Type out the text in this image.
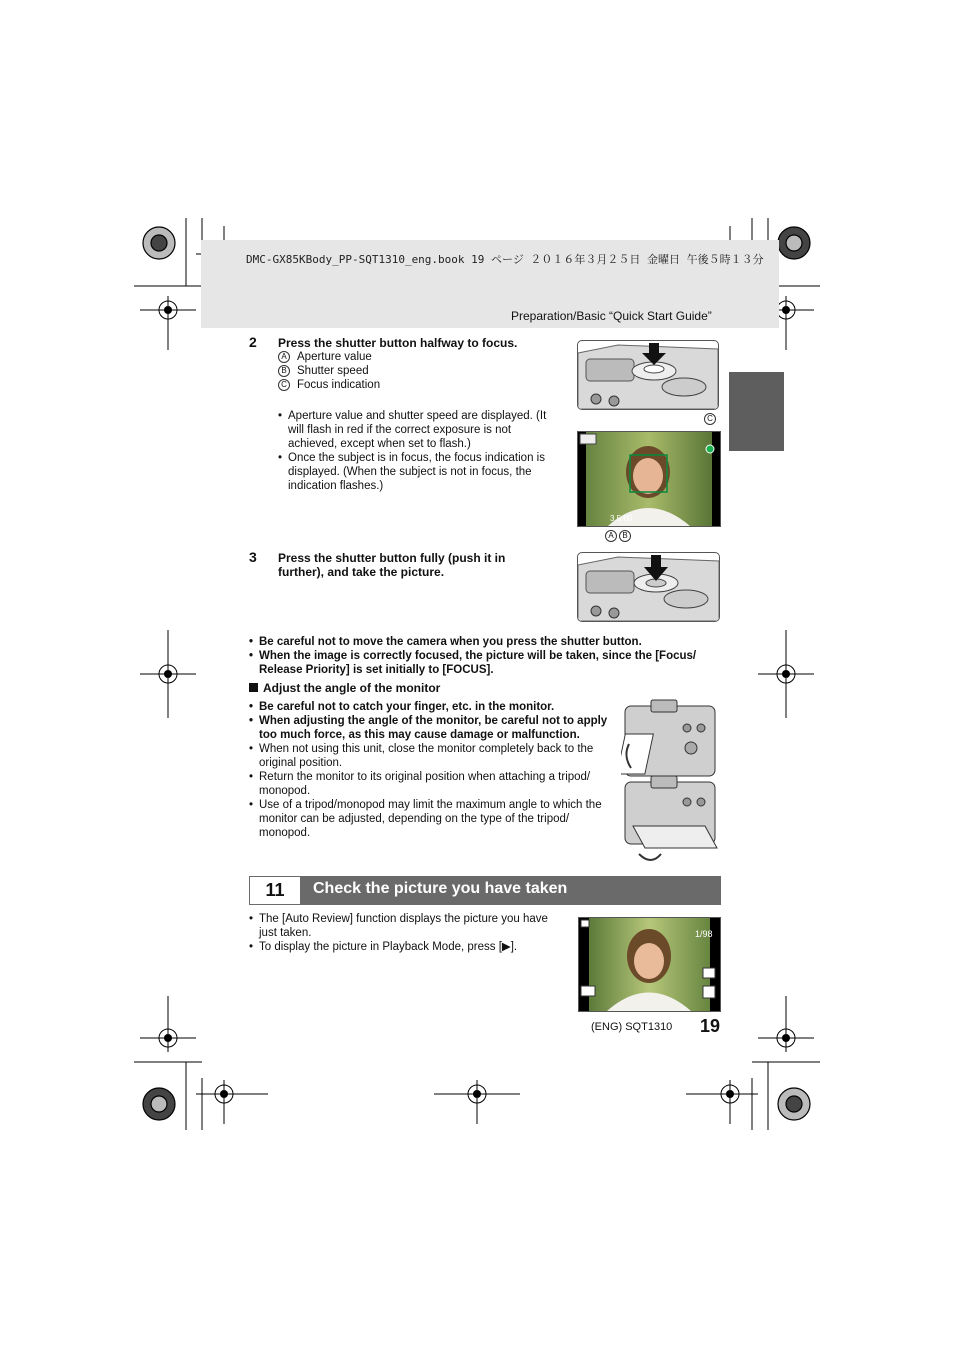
DMC-GX85KBody_PP-SQT1310_eng.book 19 ページ ２０１６年３月２５日 金曜日 午後５時１３分
Preparation/Basic “Quick Start Guide”
2 Press the shutter button halfway to focus.
A Aperture value
B Shutter speed
C Focus indication
• Aperture value and shutter speed are displayed. (It will flash in red if the correct exposure is not achieved, except when set to flash.)
• Once the subject is in focus, the focus indication is displayed. (When the subject is not in focus, the indication flashes.)
C
3.5 60
A B
3 Press the shutter button fully (push it in further), and take the picture.
• Be careful not to move the camera when you press the shutter button.
• When the image is correctly focused, the picture will be taken, since the [Focus/ Release Priority] is set initially to [FOCUS].
Adjust the angle of the monitor
• Be careful not to catch your finger, etc. in the monitor.
• When adjusting the angle of the monitor, be careful not to apply too much force, as this may cause damage or malfunction.
• When not using this unit, close the monitor completely back to the original position.
• Return the monitor to its original position when attaching a tripod/ monopod.
• Use of a tripod/monopod may limit the maximum angle to which the monitor can be adjusted, depending on the type of the tripod/ monopod.
11	Check the picture you have taken
• The [Auto Review] function displays the picture you have just taken.
• To display the picture in Playback Mode, press [▶].
1/98
(ENG) SQT1310 19
